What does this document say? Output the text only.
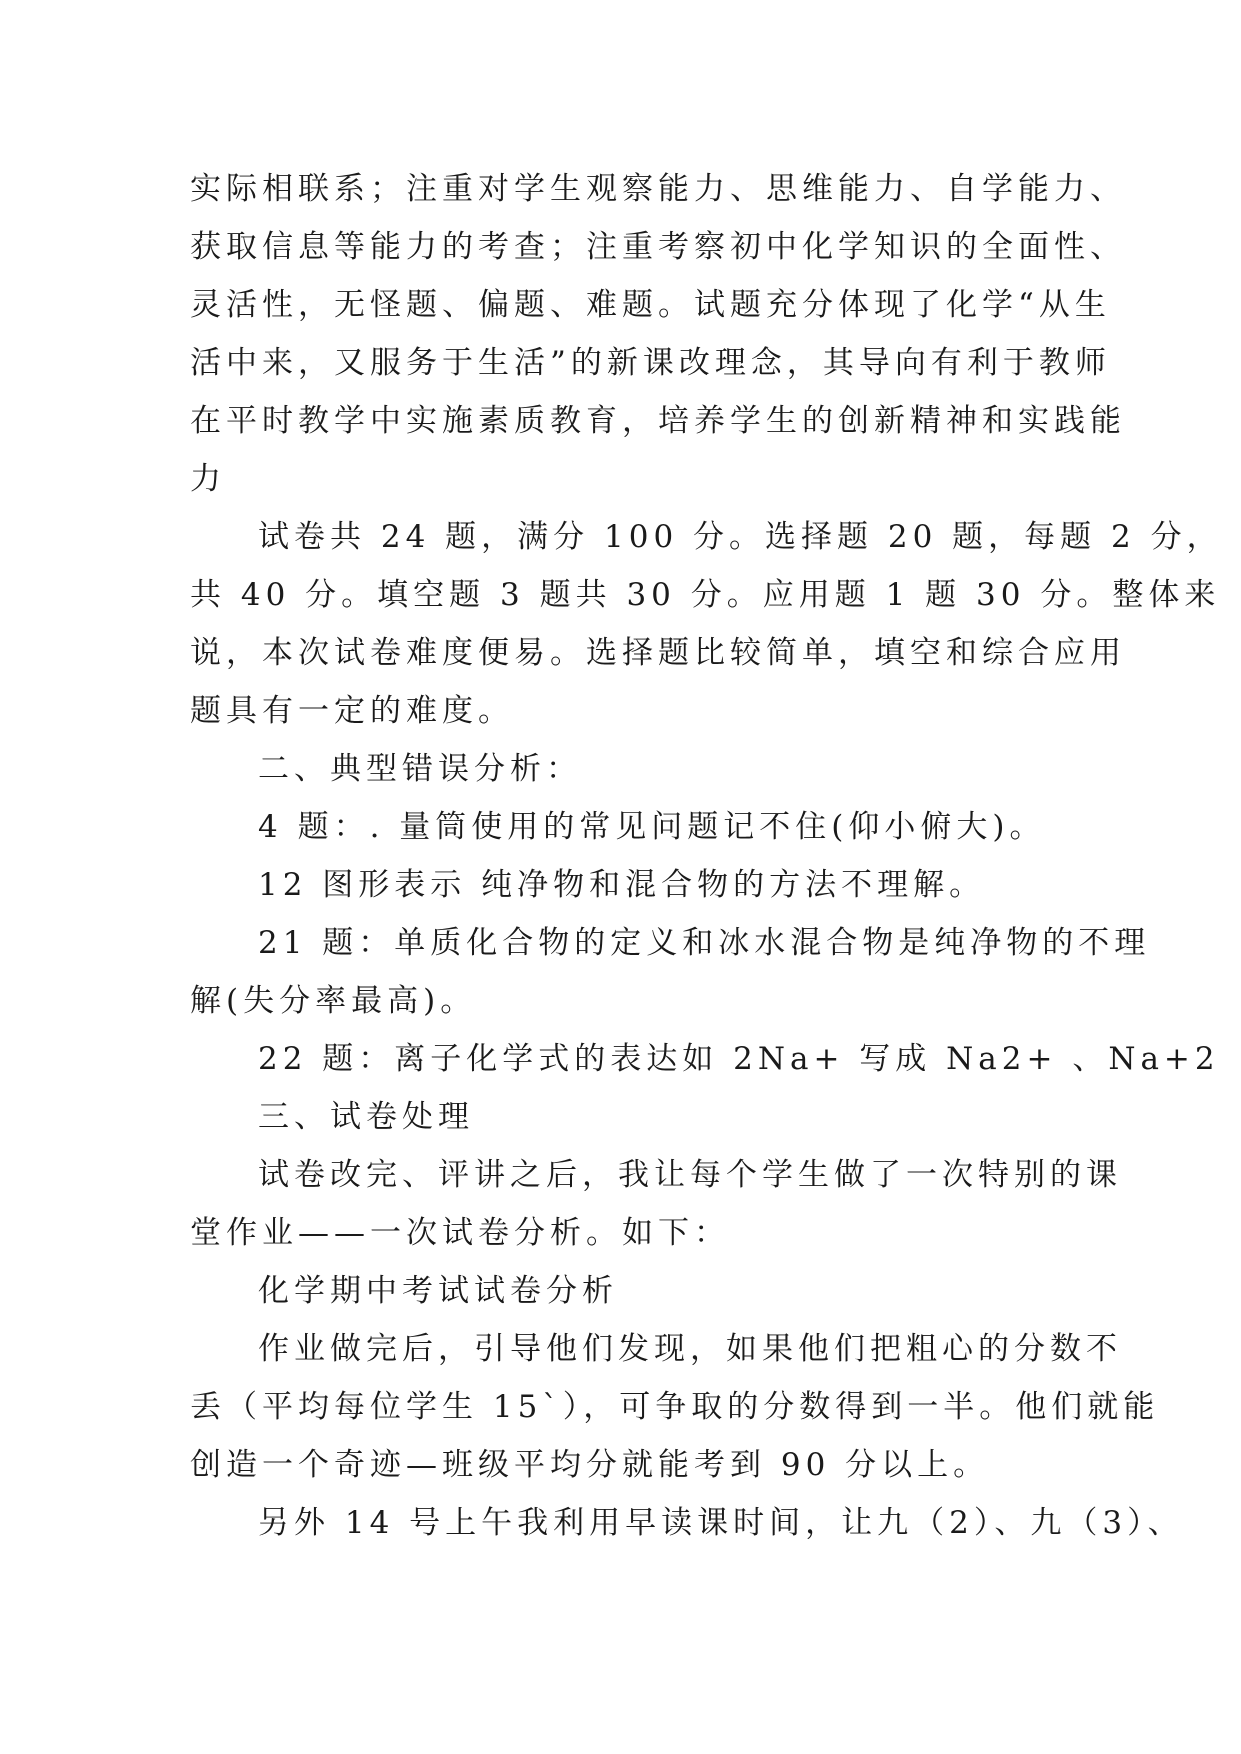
实际相联系；注重对学生观察能力、思维能力、自学能力、
获取信息等能力的考查；注重考察初中化学知识的全面性、
灵活性，无怪题、偏题、难题。试题充分体现了化学“从生
活中来，又服务于生活”的新课改理念，其导向有利于教师
在平时教学中实施素质教育，培养学生的创新精神和实践能
力
试卷共 24 题，满分 100 分。选择题 20 题，每题 2 分，
共 40 分。填空题 3 题共 30 分。应用题 1 题 30 分。整体来
说，本次试卷难度便易。选择题比较简单，填空和综合应用
题具有一定的难度。
二、典型错误分析：
4 题：. 量筒使用的常见问题记不住(仰小俯大)。
12 图形表示 纯净物和混合物的方法不理解。
21 题：单质化合物的定义和冰水混合物是纯净物的不理
解(失分率最高)。
22 题：离子化学式的表达如 2Na+ 写成 Na2+ 、Na+2
三、试卷处理
试卷改完、评讲之后，我让每个学生做了一次特别的课
堂作业——一次试卷分析。如下：
化学期中考试试卷分析
作业做完后，引导他们发现，如果他们把粗心的分数不
丢（平均每位学生 15`），可争取的分数得到一半。他们就能
创造一个奇迹—班级平均分就能考到 90 分以上。
另外 14 号上午我利用早读课时间，让九（2）、九（3）、
